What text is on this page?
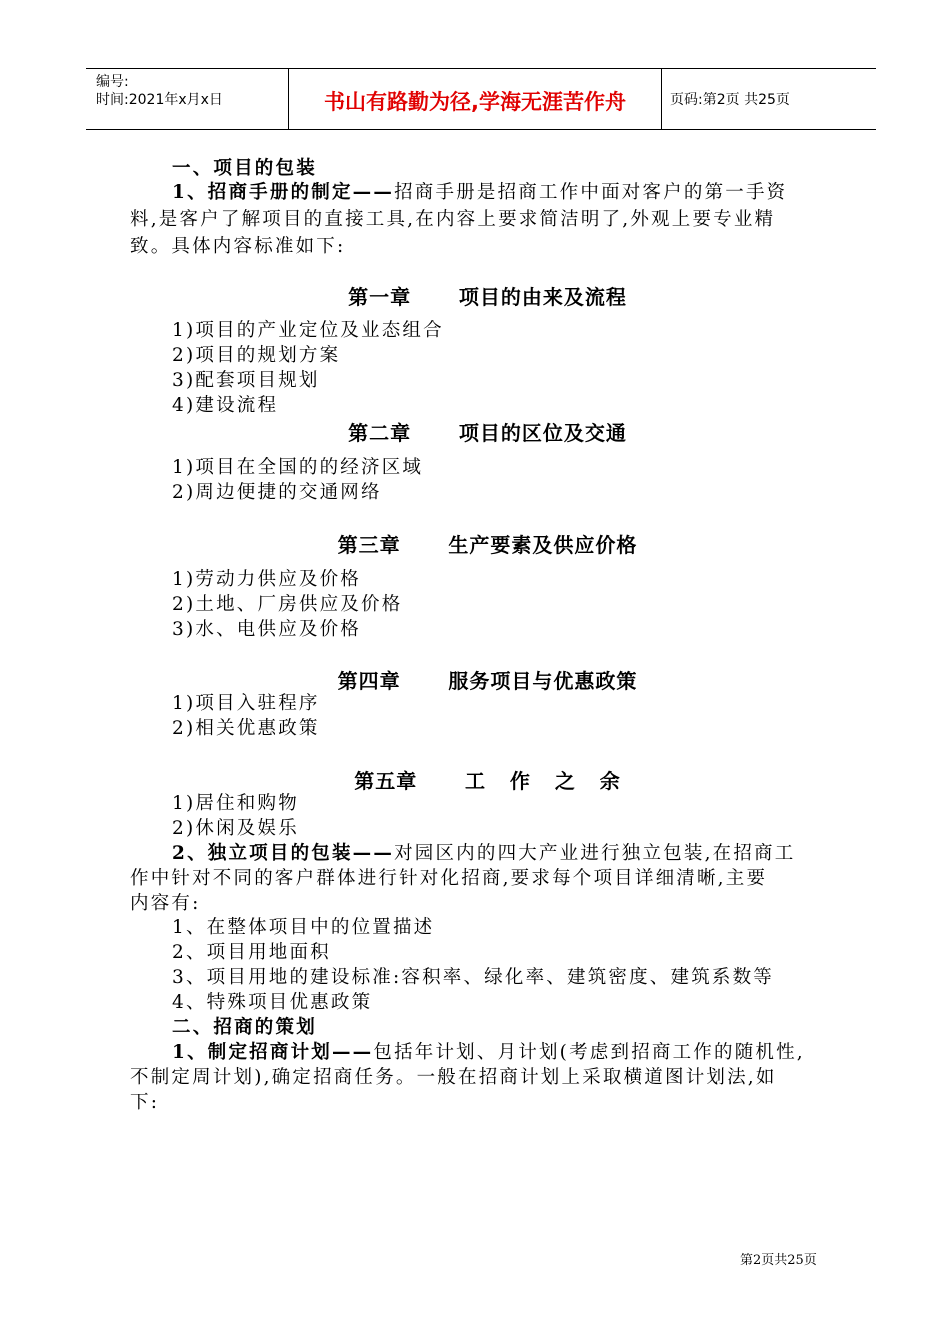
编号:
时间:2021年x月x日	书山有路勤为径,学海无涯苦作舟	页码:第2页 共25页
一、项目的包装
1、招商手册的制定——招商手册是招商工作中面对客户的第一手资
料,是客户了解项目的直接工具,在内容上要求简洁明了,外观上要专业精
致。具体内容标准如下:
第一章      项目的由来及流程
1)项目的产业定位及业态组合
2)项目的规划方案
3)配套项目规划
4)建设流程
第二章      项目的区位及交通
1)项目在全国的的经济区域
2)周边便捷的交通网络
第三章      生产要素及供应价格
1)劳动力供应及价格
2)土地、厂房供应及价格
3)水、电供应及价格
第四章      服务项目与优惠政策
1)项目入驻程序
2)相关优惠政策
第五章      工   作   之   余
1)居住和购物
2)休闲及娱乐
2、独立项目的包装——对园区内的四大产业进行独立包装,在招商工
作中针对不同的客户群体进行针对化招商,要求每个项目详细清晰,主要
内容有:
1、在整体项目中的位置描述
2、项目用地面积
3、项目用地的建设标准:容积率、绿化率、建筑密度、建筑系数等
4、特殊项目优惠政策
二、招商的策划
1、制定招商计划——包括年计划、月计划(考虑到招商工作的随机性,
不制定周计划),确定招商任务。一般在招商计划上采取横道图计划法,如
下:
第2页共25页
